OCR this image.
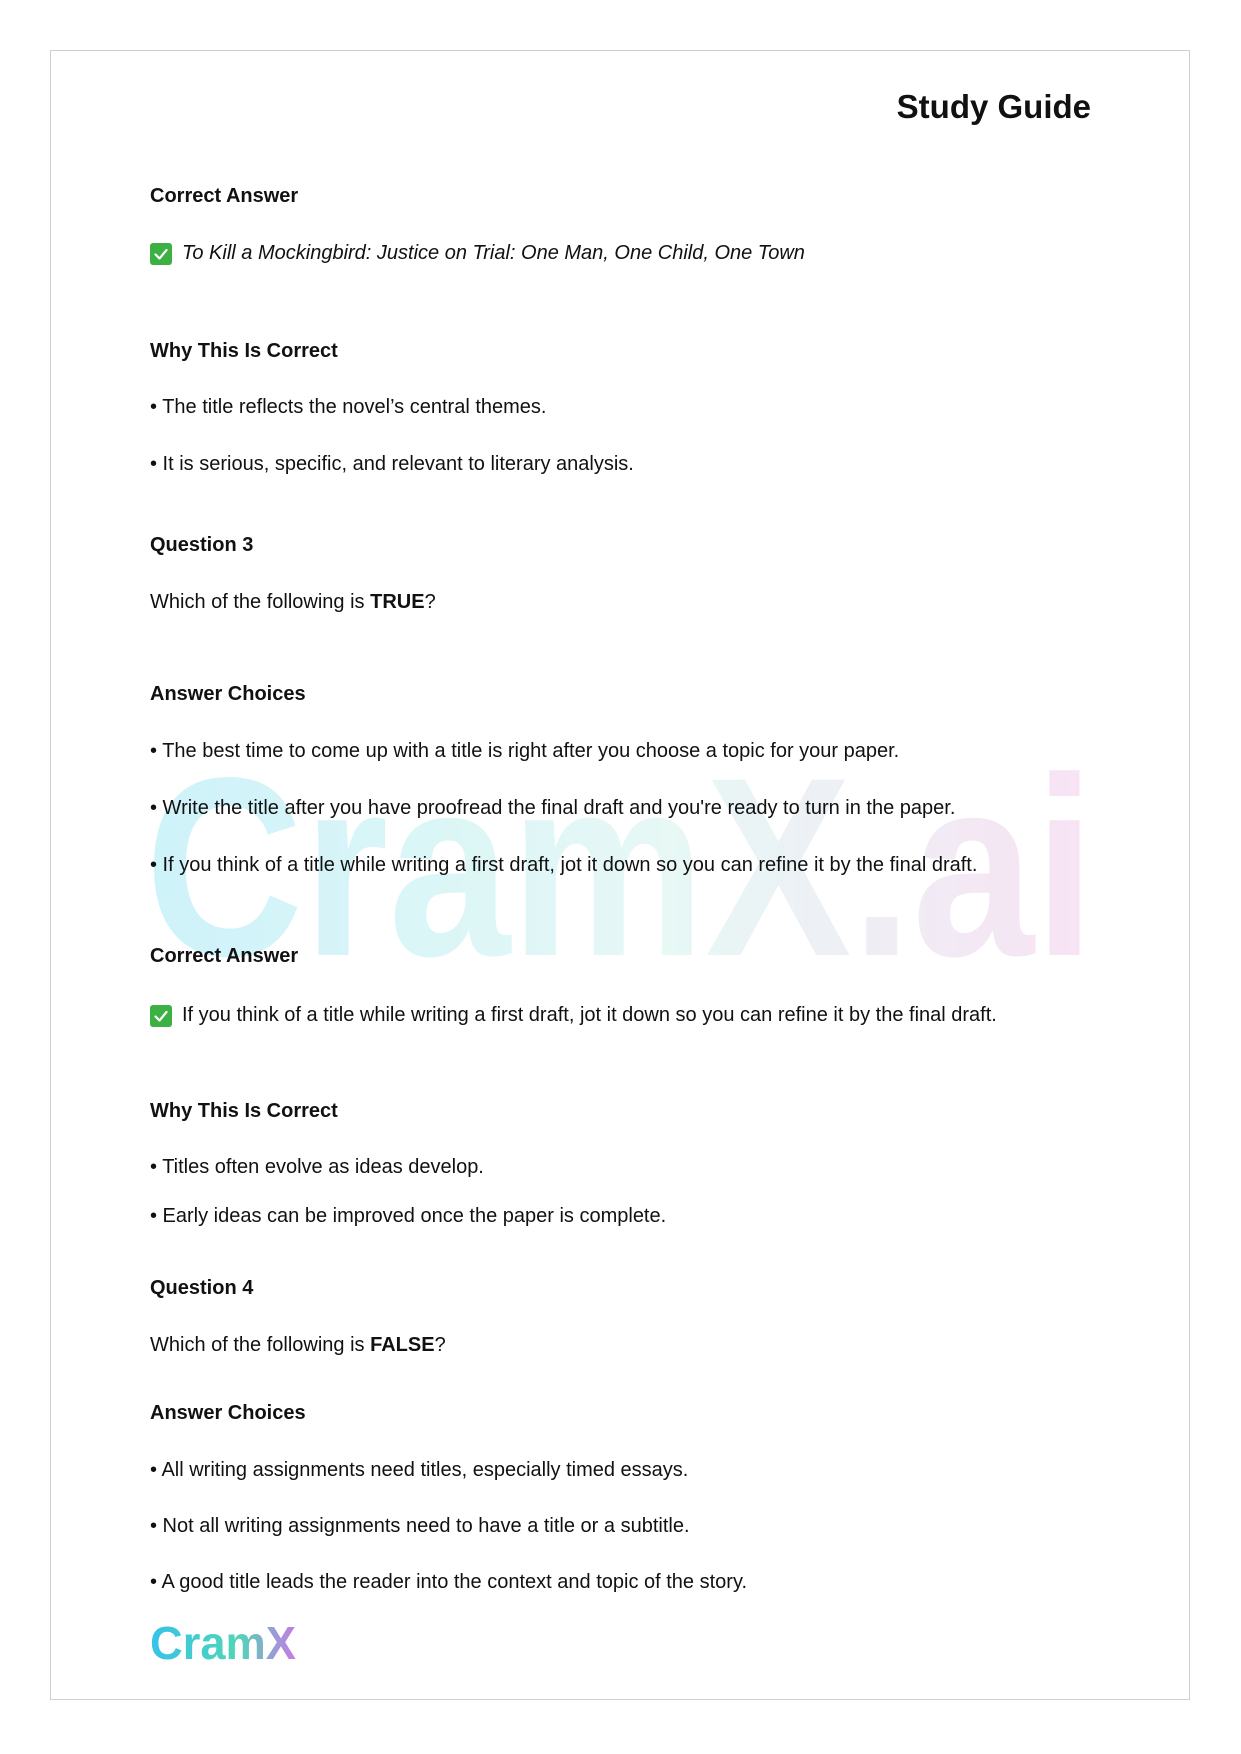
CramX.ai
Study Guide

Correct Answer

To Kill a Mockingbird: Justice on Trial: One Man, One Child, One Town

Why This Is Correct

• The title reflects the novel’s central themes.

• It is serious, specific, and relevant to literary analysis.

Question 3

Which of the following is TRUE?

Answer Choices

• The best time to come up with a title is right after you choose a topic for your paper.

• Write the title after you have proofread the final draft and you're ready to turn in the paper.

• If you think of a title while writing a first draft, jot it down so you can refine it by the final draft.

Correct Answer

If you think of a title while writing a first draft, jot it down so you can refine it by the final draft.

Why This Is Correct

• Titles often evolve as ideas develop.

• Early ideas can be improved once the paper is complete.

Question 4

Which of the following is FALSE?

Answer Choices

• All writing assignments need titles, especially timed essays.

• Not all writing assignments need to have a title or a subtitle.

• A good title leads the reader into the context and topic of the story.

CramX
